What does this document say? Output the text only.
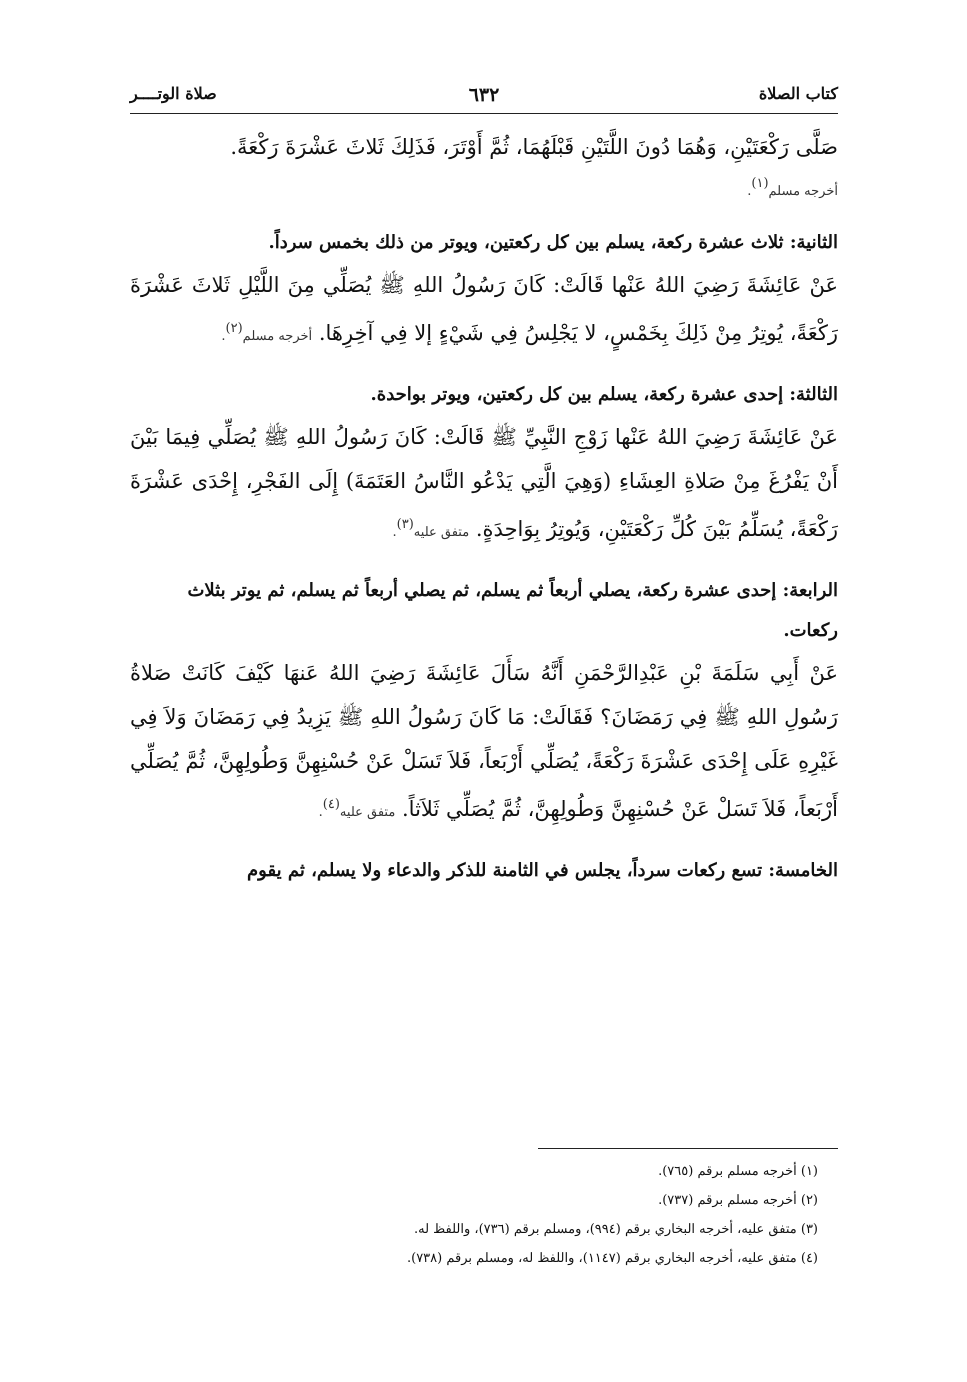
كتاب الصلاة
٦٣٢
صلاة الوتــــر

صَلَّى رَكْعَتَيْنِ، وَهُمَا دُونَ اللَّتَيْنِ قَبْلَهُمَا، ثُمَّ أَوْتَرَ، فَذَلِكَ ثَلاثَ عَشْرَةَ رَكْعَةً.

أخرجه مسلم$^{(١)}$.

الثانية: ثلاث عشرة ركعة، يسلم بين كل ركعتين، ويوتر من ذلك بخمس سرداً.

عَنْ عَائِشَةَ رَضِيَ اللهُ عَنْها قَالَتْ: كَانَ رَسُولُ اللهِ ﷺ يُصَلِّي مِنَ اللَّيْلِ ثَلاثَ عَشْرَةَ رَكْعَةً، يُوتِرُ مِنْ ذَلِكَ بِخَمْسٍ، لا يَجْلِسُ فِي شَيْءٍ إلا فِي آخِرِهَا. أخرجه مسلم$^{(٢)}$.

الثالثة: إحدى عشرة ركعة، يسلم بين كل ركعتين، ويوتر بواحدة.

عَنْ عَائِشَةَ رَضِيَ اللهُ عَنْها زَوْجِ النَّبِيِّ ﷺ قَالَتْ: كَانَ رَسُولُ اللهِ ﷺ يُصَلِّي فِيمَا بَيْنَ أَنْ يَفْرُغَ مِنْ صَلاةِ العِشَاءِ (وَهِيَ الَّتِي يَدْعُو النَّاسُ العَتَمَةَ) إِلَى الفَجْرِ، إِحْدَى عَشْرَةَ رَكْعَةً، يُسَلِّمُ بَيْنَ كُلِّ رَكْعَتَيْنِ، وَيُوتِرُ بِوَاحِدَةٍ. متفق عليه$^{(٣)}$.

الرابعة: إحدى عشرة ركعة، يصلي أربعاً ثم يسلم، ثم يصلي أربعاً ثم يسلم، ثم يوتر بثلاث ركعات.

عَنْ أَبِي سَلَمَةَ بْنِ عَبْدِالرَّحْمَنِ أَنَّهُ سَأَلَ عَائِشَةَ رَضِيَ اللهُ عَنهَا كَيْفَ كَانَتْ صَلاةُ رَسُولِ اللهِ ﷺ فِي رَمَضَانَ؟ فَقَالَتْ: مَا كَانَ رَسُولُ اللهِ ﷺ يَزِيدُ فِي رَمَضَانَ وَلاَ فِي غَيْرِهِ عَلَى إِحْدَى عَشْرَةَ رَكْعَةً، يُصَلِّي أَرْبَعاً، فَلاَ تَسَلْ عَنْ حُسْنِهِنَّ وَطُولِهِنَّ، ثُمَّ يُصَلِّي أَرْبَعاً، فَلاَ تَسَلْ عَنْ حُسْنِهِنَّ وَطُولِهِنَّ، ثُمَّ يُصَلِّي ثَلاَثاً. متفق عليه$^{(٤)}$.

الخامسة: تسع ركعات سرداً، يجلس في الثامنة للذكر والدعاء ولا يسلم، ثم يقوم

(١) أخرجه مسلم برقم (٧٦٥).

(٢) أخرجه مسلم برقم (٧٣٧).

(٣) متفق عليه، أخرجه البخاري برقم (٩٩٤)، ومسلم برقم (٧٣٦)، واللفظ له.

(٤) متفق عليه، أخرجه البخاري برقم (١١٤٧)، واللفظ له، ومسلم برقم (٧٣٨).
